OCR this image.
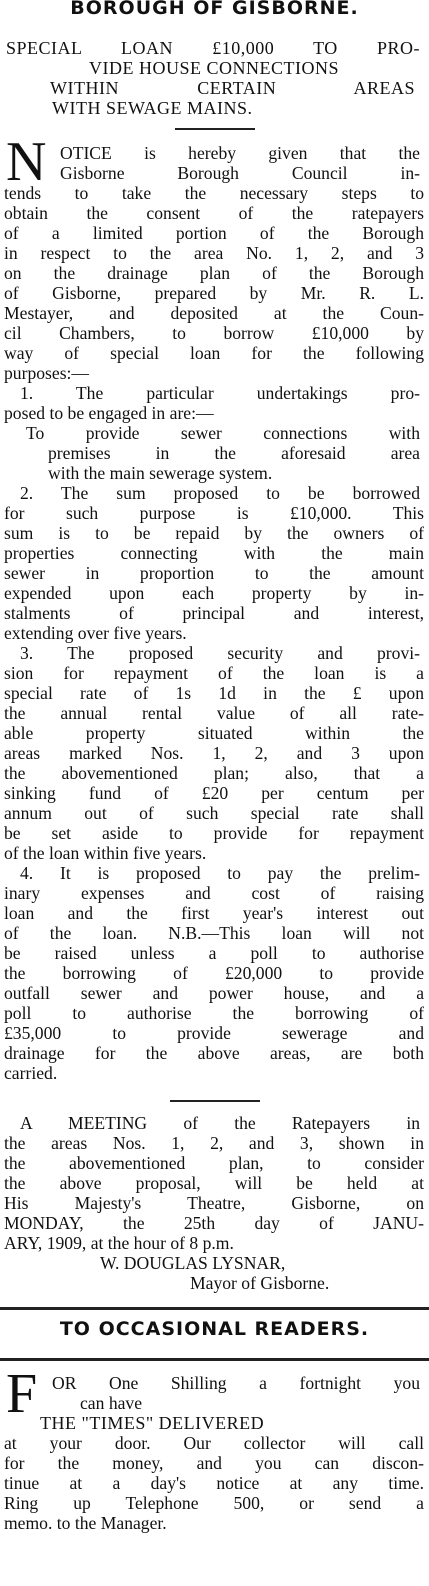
BOROUGH OF GISBORNE.
SPECIAL LOAN £10,000 TO PRO-
VIDE HOUSE CONNECTIONS
WITHIN CERTAIN AREAS
WITH SEWAGE MAINS.
N OTICE is hereby given that the
Gisborne Borough Council in-
tends to take the necessary steps to
obtain the consent of the ratepayers
of a limited portion of the Borough
in respect to the area No. 1, 2, and 3
on the drainage plan of the Borough
of Gisborne, prepared by Mr. R. L.
Mestayer, and deposited at the Coun-
cil Chambers, to borrow £10,000 by
way of special loan for the following
purposes:—
1. The particular undertakings pro-
posed to be engaged in are:—
To provide sewer connections with
premises in the aforesaid area
with the main sewerage system.
2. The sum proposed to be borrowed
for such purpose is £10,000. This
sum is to be repaid by the owners of
properties connecting with the main
sewer in proportion to the amount
expended upon each property by in-
stalments of principal and interest,
extending over five years.
3. The proposed security and provi-
sion for repayment of the loan is a
special rate of 1s 1d in the £ upon
the annual rental value of all rate-
able property situated within the
areas marked Nos. 1, 2, and 3 upon
the abovementioned plan; also, that a
sinking fund of £20 per centum per
annum out of such special rate shall
be set aside to provide for repayment
of the loan within five years.
4. It is proposed to pay the prelim-
inary expenses and cost of raising
loan and the first year's interest out
of the loan. N.B.—This loan will not
be raised unless a poll to authorise
the borrowing of £20,000 to provide
outfall sewer and power house, and a
poll to authorise the borrowing of
£35,000 to provide sewerage and
drainage for the above areas, are both
carried.
A MEETING of the Ratepayers in
the areas Nos. 1, 2, and 3, shown in
the abovementioned plan, to consider
the above proposal, will be held at
His Majesty's Theatre, Gisborne, on
MONDAY, the 25th day of JANU-
ARY, 1909, at the hour of 8 p.m.
W. DOUGLAS LYSNAR,
Mayor of Gisborne.
TO OCCASIONAL READERS.
F OR One Shilling a fortnight you
can have
THE "TIMES" DELIVERED
at your door. Our collector will call
for the money, and you can discon-
tinue at a day's notice at any time.
Ring up Telephone 500, or send a
memo. to the Manager.
